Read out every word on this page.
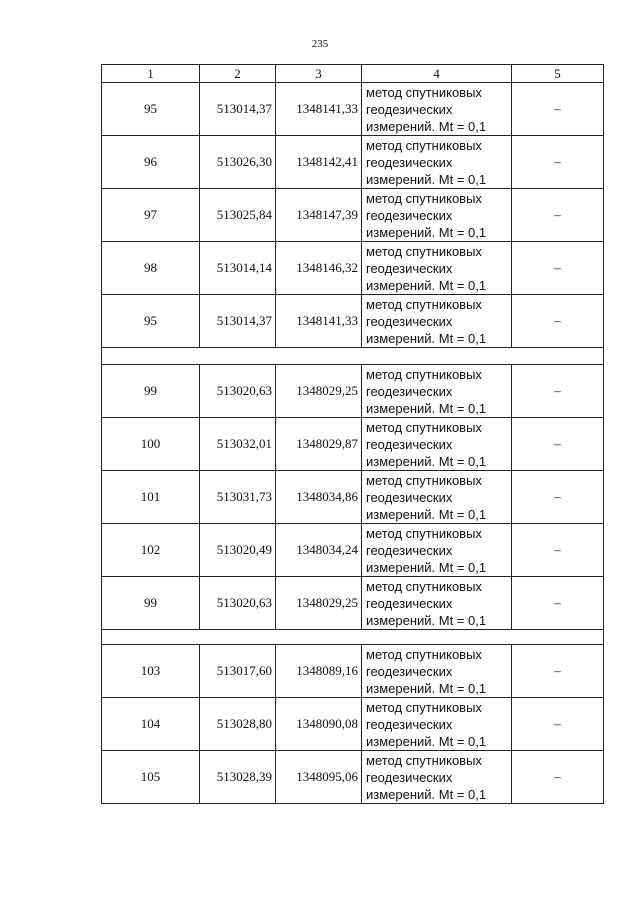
235
1	2	3	4	5
95	513014,37	1348141,33	метод спутниковых
геодезических
измерений. Mt = 0,1	–
96	513026,30	1348142,41	метод спутниковых
геодезических
измерений. Mt = 0,1	–
97	513025,84	1348147,39	метод спутниковых
геодезических
измерений. Mt = 0,1	–
98	513014,14	1348146,32	метод спутниковых
геодезических
измерений. Mt = 0,1	–
95	513014,37	1348141,33	метод спутниковых
геодезических
измерений. Mt = 0,1	–

99	513020,63	1348029,25	метод спутниковых
геодезических
измерений. Mt = 0,1	–
100	513032,01	1348029,87	метод спутниковых
геодезических
измерений. Mt = 0,1	–
101	513031,73	1348034,86	метод спутниковых
геодезических
измерений. Mt = 0,1	–
102	513020,49	1348034,24	метод спутниковых
геодезических
измерений. Mt = 0,1	–
99	513020,63	1348029,25	метод спутниковых
геодезических
измерений. Mt = 0,1	–

103	513017,60	1348089,16	метод спутниковых
геодезических
измерений. Mt = 0,1	–
104	513028,80	1348090,08	метод спутниковых
геодезических
измерений. Mt = 0,1	–
105	513028,39	1348095,06	метод спутниковых
геодезических
измерений. Mt = 0,1	–
